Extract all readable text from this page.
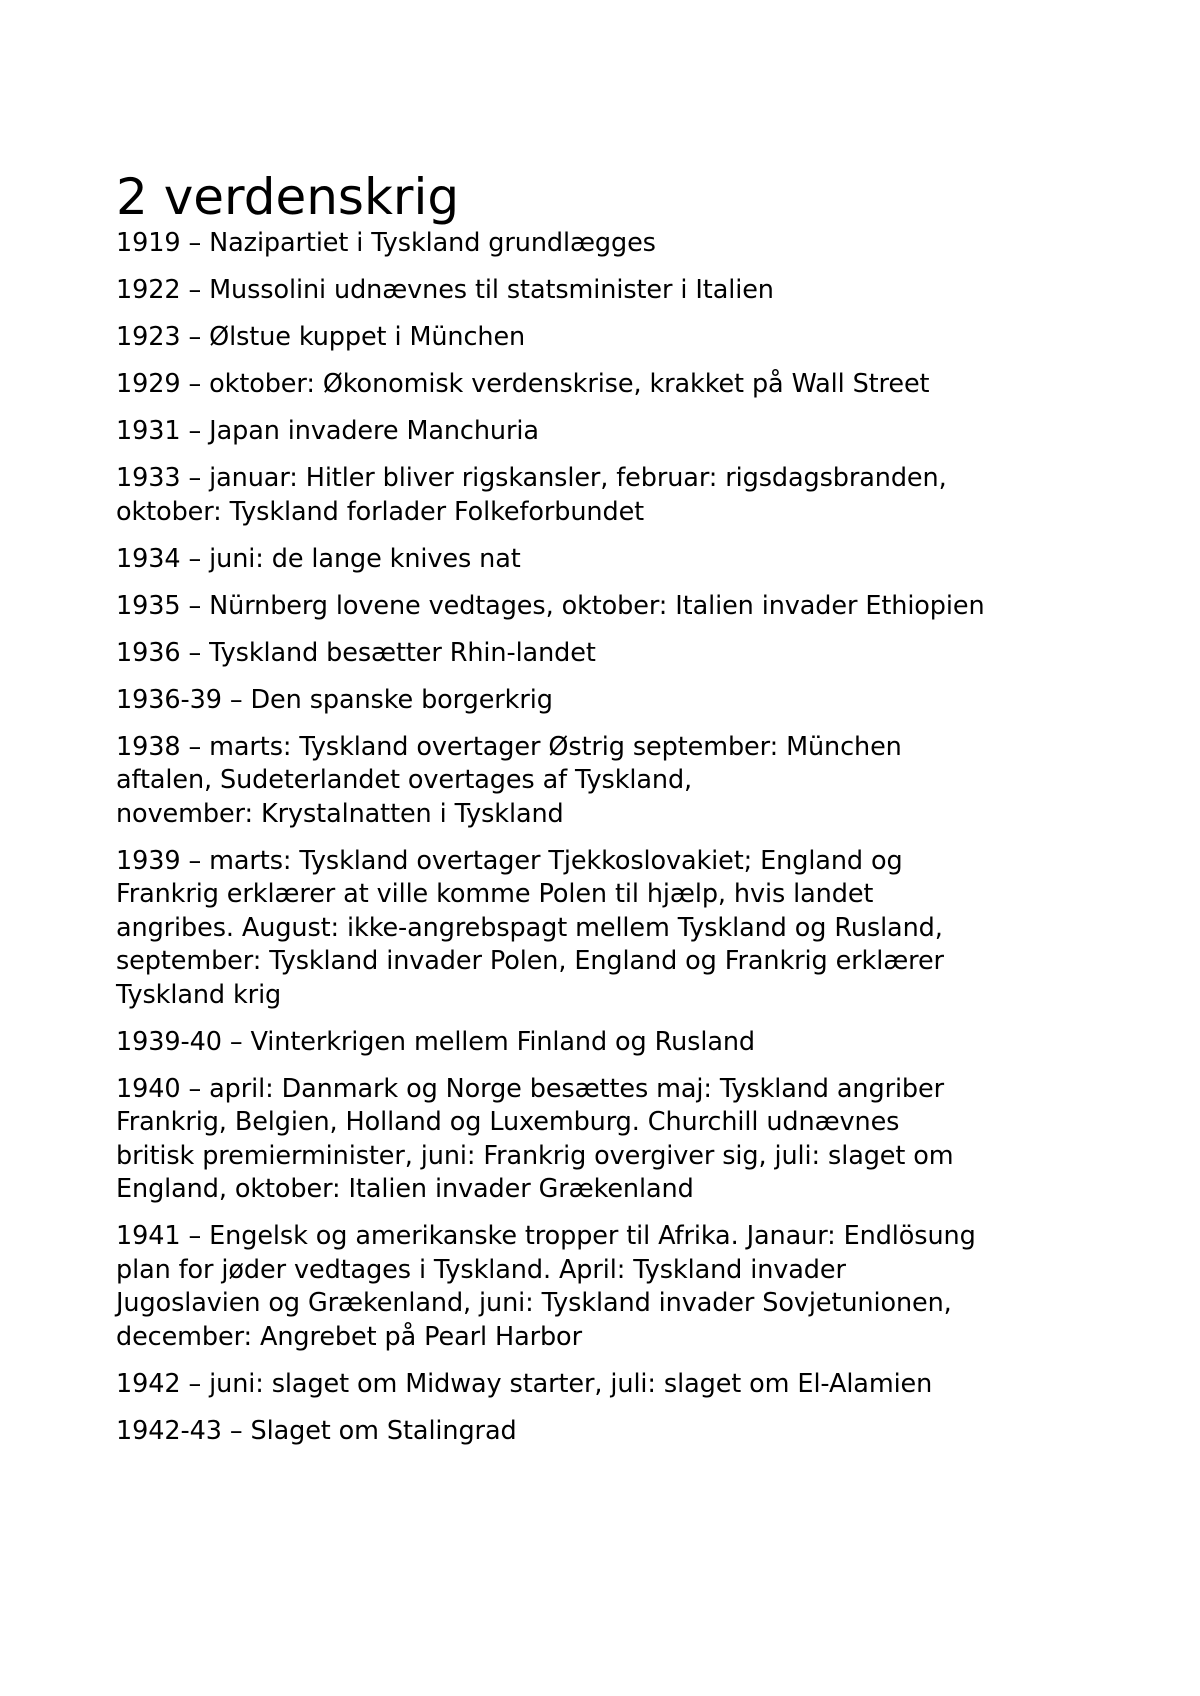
2 verdenskrig
1919 – Nazipartiet i Tyskland grundlægges
1922 – Mussolini udnævnes til statsminister i Italien
1923 – Ølstue kuppet i München
1929 – oktober: Økonomisk verdenskrise, krakket på Wall Street
1931 – Japan invadere Manchuria
1933 – januar: Hitler bliver rigskansler, februar: rigsdagsbranden,
oktober: Tyskland forlader Folkeforbundet
1934 – juni: de lange knives nat
1935 – Nürnberg lovene vedtages, oktober: Italien invader Ethiopien
1936 – Tyskland besætter Rhin-landet
1936-39 – Den spanske borgerkrig
1938 – marts: Tyskland overtager Østrig september: München
aftalen, Sudeterlandet overtages af Tyskland,
november: Krystalnatten i Tyskland
1939 – marts: Tyskland overtager Tjekkoslovakiet; England og
Frankrig erklærer at ville komme Polen til hjælp, hvis landet
angribes. August: ikke-angrebspagt mellem Tyskland og Rusland,
september: Tyskland invader Polen, England og Frankrig erklærer
Tyskland krig
1939-40 – Vinterkrigen mellem Finland og Rusland
1940 – april: Danmark og Norge besættes maj: Tyskland angriber
Frankrig, Belgien, Holland og Luxemburg. Churchill udnævnes
britisk premierminister, juni: Frankrig overgiver sig, juli: slaget om
England, oktober: Italien invader Grækenland
1941 – Engelsk og amerikanske tropper til Afrika. Janaur: Endlösung
plan for jøder vedtages i Tyskland. April: Tyskland invader
Jugoslavien og Grækenland, juni: Tyskland invader Sovjetunionen,
december: Angrebet på Pearl Harbor
1942 – juni: slaget om Midway starter, juli: slaget om El-Alamien
1942-43 – Slaget om Stalingrad
